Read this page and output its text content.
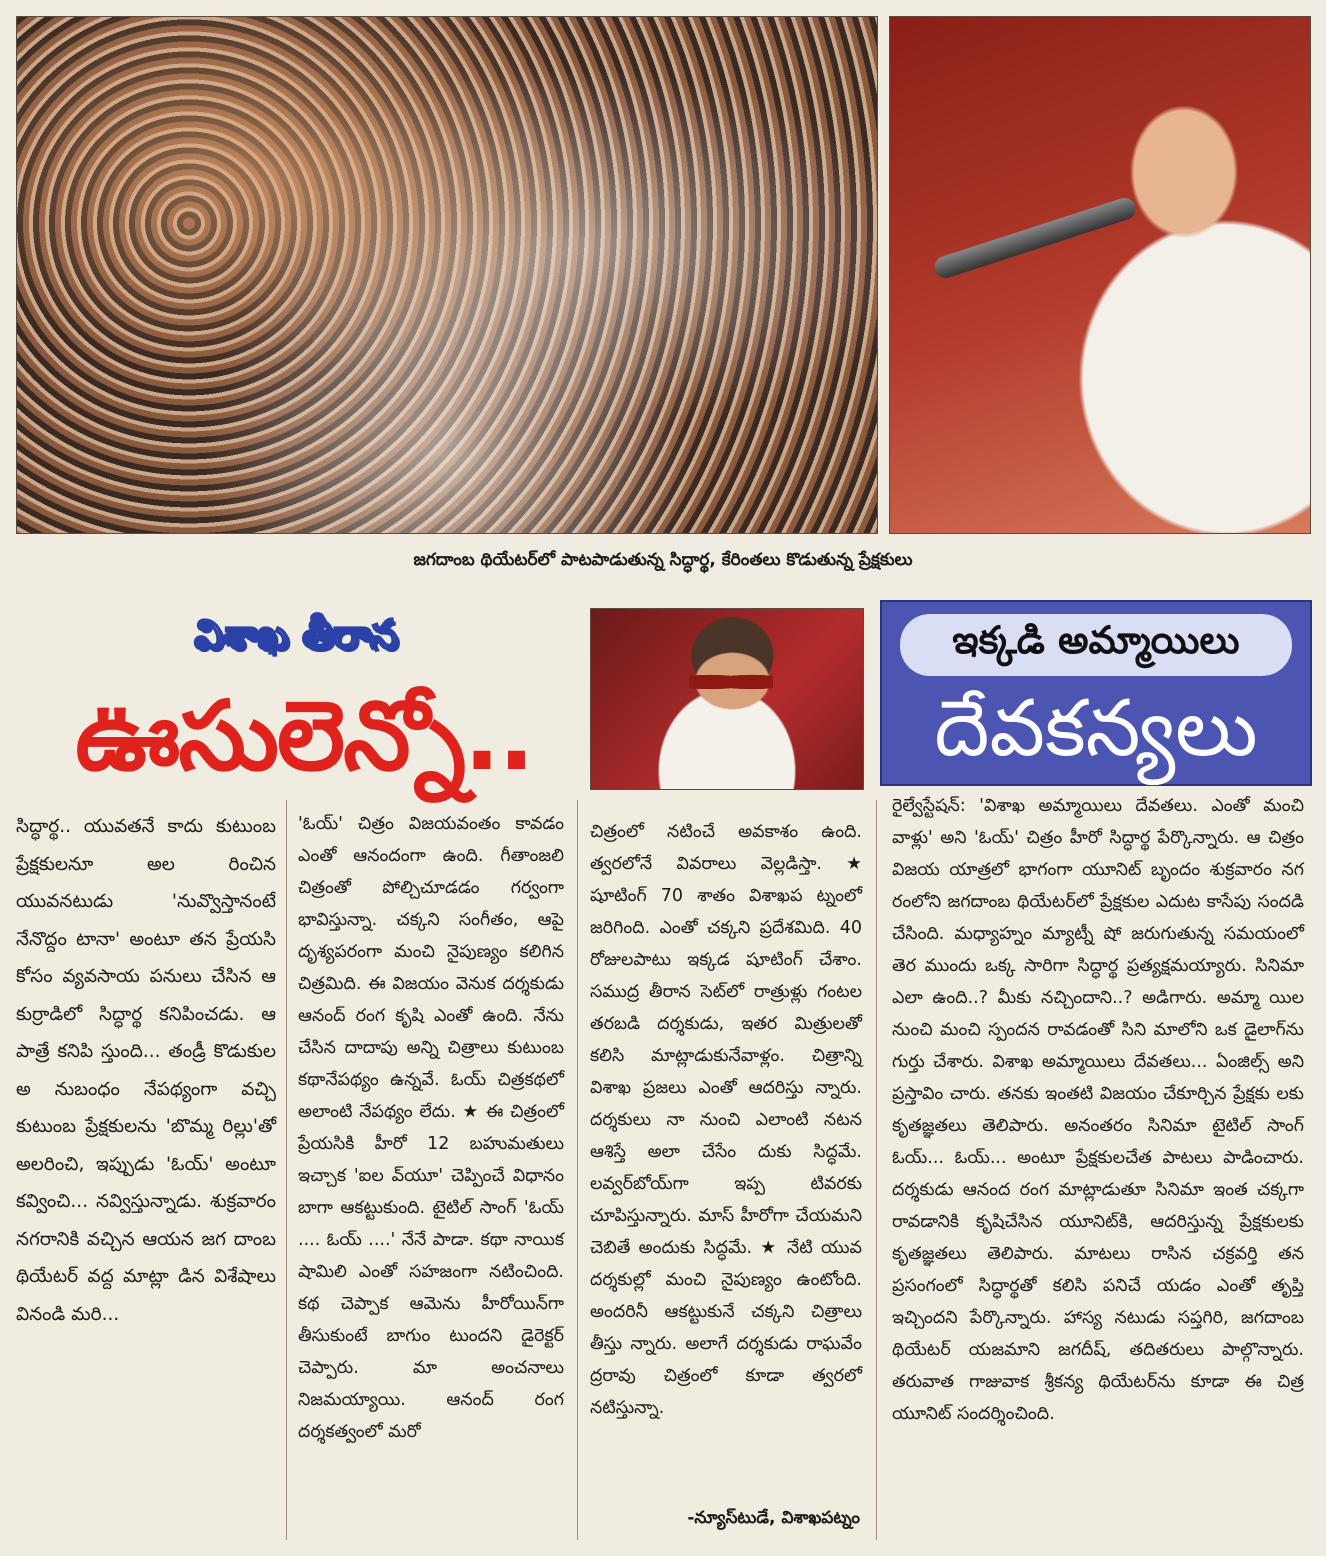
జగదాంబ థియేటర్‌లో పాటపాడుతున్న సిద్ధార్థ, కేరింతలు కొడుతున్న ప్రేక్షకులు
విశాఖ తీరాన
ఊసులెన్నో..
ఇక్కడి అమ్మాయిలు
దేవకన్యలు

సిద్ధార్థ.. యువతనే కాదు కుటుంబ ప్రేక్షకులనూ అల రించిన యువనటుడు 'నువ్వొస్తానంటే నేనొద్దం టానా' అంటూ తన ప్రేయసి కోసం వ్యవసాయ పనులు చేసిన ఆ కుర్రాడిలో సిద్ధార్థ కనిపించడు. ఆ పాత్రే కనిపి స్తుంది... తండ్రీ కొడుకుల అ నుబంధం నేపథ్యంగా వచ్చి కుటుంబ ప్రేక్షకులను 'బొమ్మ రిల్లు'తో అలరించి, ఇప్పుడు 'ఓయ్' అంటూ కవ్వించి... నవ్విస్తున్నాడు. శుక్రవారం నగరానికి వచ్చిన ఆయన జగ దాంబ థియేటర్ వద్ద మాట్లా డిన విశేషాలు వినండి మరి...

'ఓయ్' చిత్రం విజయవంతం కావడం ఎంతో ఆనందంగా ఉంది. గీతాంజలి చిత్రంతో పోల్చిచూడడం గర్వంగా భావిస్తున్నా. చక్కని సంగీతం, ఆపై దృశ్యపరంగా మంచి నైపుణ్యం కలిగిన చిత్రమిది. ఈ విజయం వెనుక దర్శకుడు ఆనంద్ రంగ కృషి ఎంతో ఉంది. నేను చేసిన దాదాపు అన్ని చిత్రాలు కుటుంబ కథానేపథ్యం ఉన్నవే. ఓయ్ చిత్రకథలో అలాంటి నేపథ్యం లేదు. ★ ఈ చిత్రంలో ప్రేయసికి హీరో 12 బహుమతులు ఇచ్చాక 'ఐల వ్‌యూ' చెప్పించే విధానం బాగా ఆకట్టుకుంది. టైటిల్ సాంగ్ 'ఓయ్ .... ఓయ్ ....' నేనే పాడా. కథా నాయిక షామిలి ఎంతో సహజంగా నటించింది. కథ చెప్పాక ఆమెను హీరోయిన్‌గా తీసుకుంటే బాగుం టుందని డైరెక్టర్ చెప్పారు. మా అంచనాలు నిజమయ్యాయి. ఆనంద్ రంగ దర్శకత్వంలో మరో

చిత్రంలో నటించే అవకాశం ఉంది. త్వరలోనే వివరాలు వెల్లడిస్తా. ★ షూటింగ్ 70 శాతం విశాఖప ట్నంలో జరిగింది. ఎంతో చక్కని ప్రదేశమిది. 40 రోజులపాటు ఇక్కడ షూటింగ్ చేశాం. సముద్ర తీరాన సెట్‌లో రాత్రుళ్లు గంటల తరబడి దర్శకుడు, ఇతర మిత్రులతో కలిసి మాట్లాడుకునేవాళ్లం. చిత్రాన్ని విశాఖ ప్రజలు ఎంతో ఆదరిస్తు న్నారు. దర్శకులు నా నుంచి ఎలాంటి నటన ఆశిస్తే అలా చేసేం దుకు సిద్ధమే. లవ్వర్‌బోయ్‌గా ఇప్ప టివరకు చూపిస్తున్నారు. మాస్ హీరోగా చేయమని చెబితే అందుకు సిద్ధమే. ★ నేటి యువ దర్శకుల్లో మంచి నైపుణ్యం ఉంటోంది. అందరినీ ఆకట్టుకునే చక్కని చిత్రాలు తీస్తు న్నారు. అలాగే దర్శకుడు రాఘవేం ద్రరావు చిత్రంలో కూడా త్వరలో నటిస్తున్నా.

రైల్వేస్టేషన్: 'విశాఖ అమ్మాయిలు దేవతలు. ఎంతో మంచి వాళ్లు' అని 'ఓయ్' చిత్రం హీరో సిద్ధార్థ పేర్కొన్నారు. ఆ చిత్రం విజయ యాత్రలో భాగంగా యూనిట్ బృందం శుక్రవారం నగ రంలోని జగదాంబ థియేటర్‌లో ప్రేక్షకుల ఎదుట కాసేపు సందడి చేసింది. మధ్యాహ్నం మ్యాట్నీ షో జరుగుతున్న సమయంలో తెర ముందు ఒక్క సారిగా సిద్ధార్థ ప్రత్యక్షమయ్యారు. సినిమా ఎలా ఉంది..? మీకు నచ్చిందాని..? అడిగారు. అమ్మా యిల నుంచి మంచి స్పందన రావడంతో సిని మాలోని ఒక డైలాగ్‌ను గుర్తు చేశారు. విశాఖ అమ్మాయిలు దేవతలు... ఏంజిల్స్ అని ప్రస్తావిం చారు. తనకు ఇంతటి విజయం చేకూర్చిన ప్రేక్షకు లకు కృతజ్ఞతలు తెలిపారు. అనంతరం సినిమా టైటిల్ సాంగ్ ఓయ్... ఓయ్... అంటూ ప్రేక్షకులచేత పాటలు పాడించారు. దర్శకుడు ఆనంద రంగ మాట్లాడుతూ సినిమా ఇంత చక్కగా రావడానికి కృషిచేసిన యూనిట్‌కి, ఆదరిస్తున్న ప్రేక్షకులకు కృతజ్ఞతలు తెలిపారు. మాటలు రాసిన చక్రవర్తి తన ప్రసంగంలో సిద్ధార్థతో కలిసి పనిచే యడం ఎంతో తృప్తి ఇచ్చిందని పేర్కొన్నారు. హాస్య నటుడు సప్తగిరి, జగదాంబ థియేటర్ యజమాని జగదీష్, తదితరులు పాల్గొన్నారు. తరువాత గాజువాక శ్రీకన్య థియేటర్‌ను కూడా ఈ చిత్ర యూనిట్ సందర్శించింది.

-న్యూస్‌టుడే, విశాఖపట్నం
